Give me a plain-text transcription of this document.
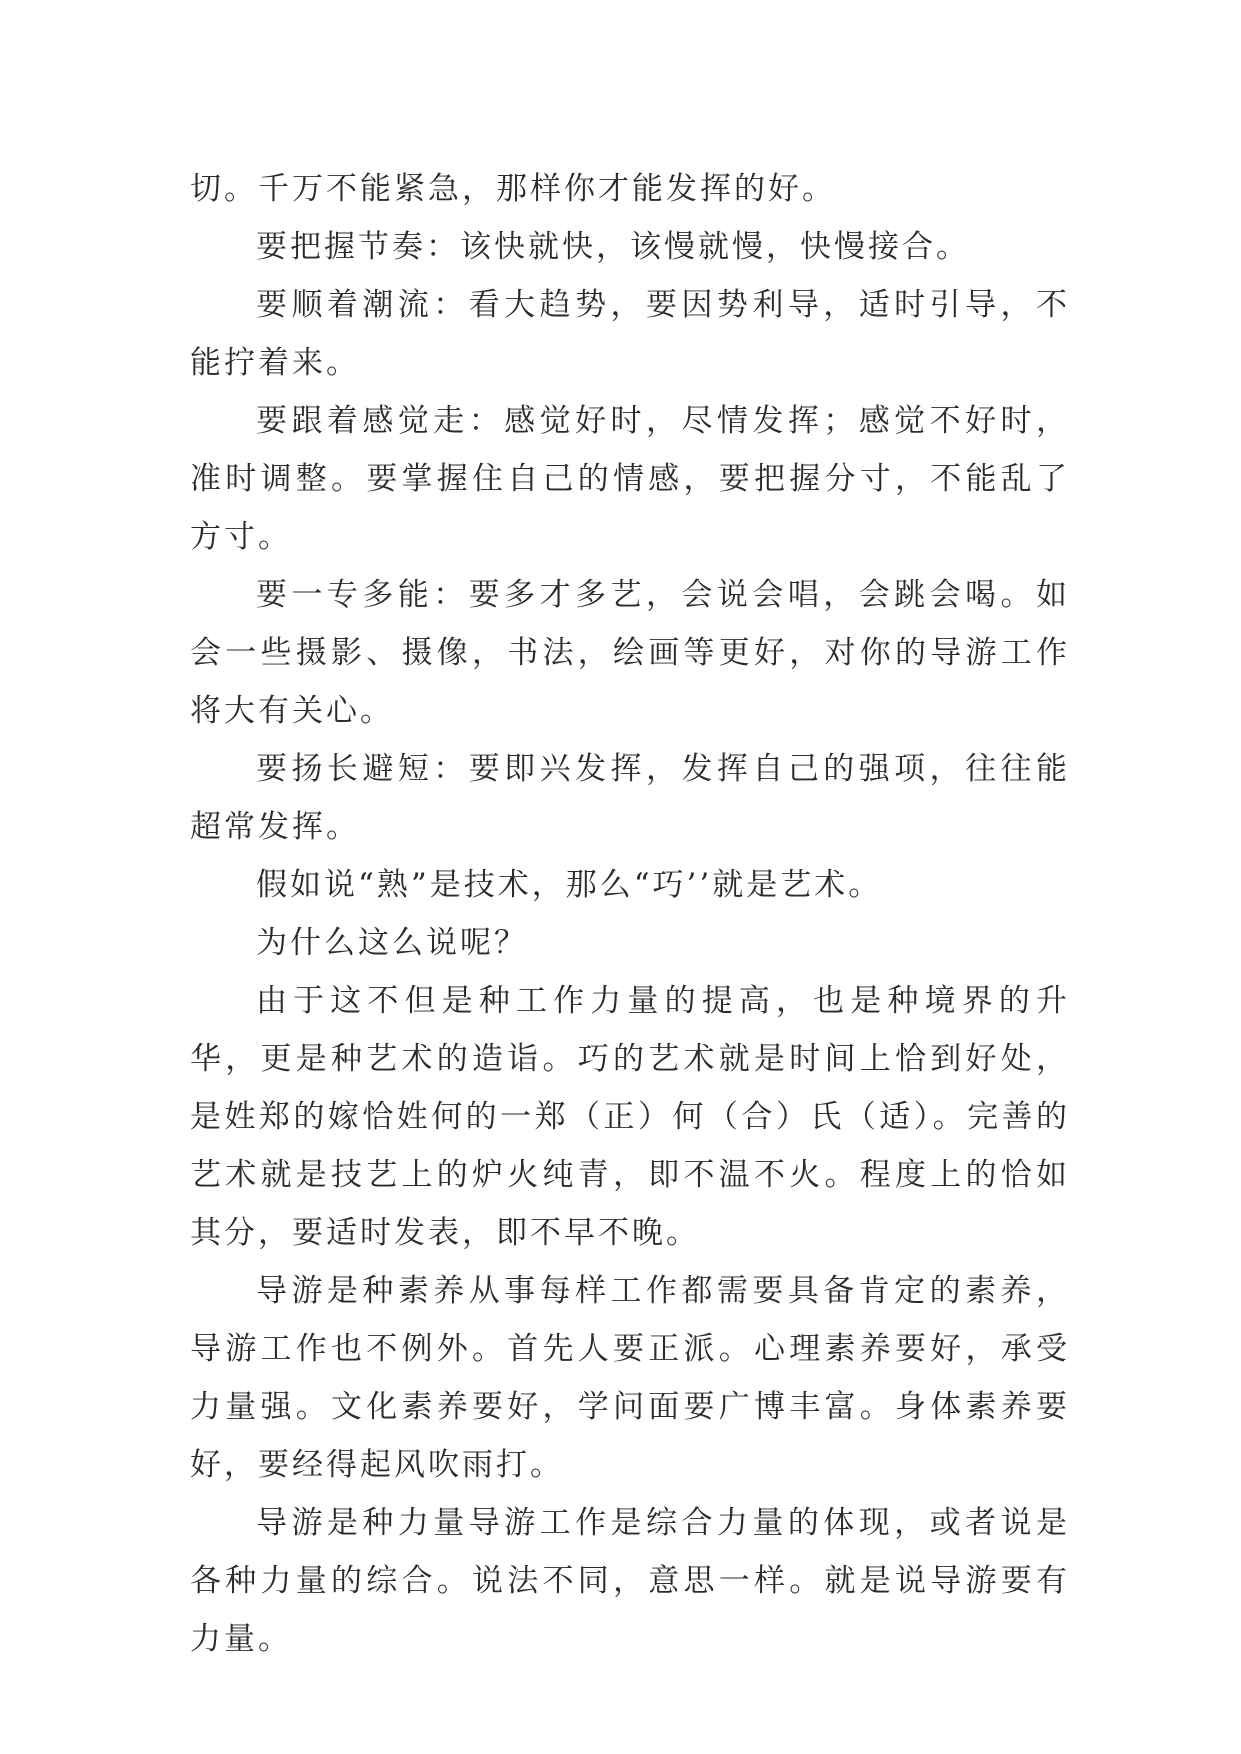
切。千万不能紧急，那样你才能发挥的好。

要把握节奏：该快就快，该慢就慢，快慢接合。

要顺着潮流：看大趋势，要因势利导，适时引导，不能拧着来。

要跟着感觉走：感觉好时，尽情发挥；感觉不好时，准时调整。要掌握住自己的情感，要把握分寸，不能乱了方寸。

要一专多能：要多才多艺，会说会唱，会跳会喝。如会一些摄影、摄像，书法，绘画等更好，对你的导游工作将大有关心。

要扬长避短：要即兴发挥，发挥自己的强项，往往能超常发挥。

假如说“熟”是技术，那么“巧’’就是艺术。

为什么这么说呢？

由于这不但是种工作力量的提高，也是种境界的升华，更是种艺术的造诣。巧的艺术就是时间上恰到好处，是姓郑的嫁恰姓何的一郑（正）何（合）氏（适）。完善的艺术就是技艺上的炉火纯青，即不温不火。程度上的恰如其分，要适时发表，即不早不晚。

导游是种素养从事每样工作都需要具备肯定的素养，导游工作也不例外。首先人要正派。心理素养要好，承受力量强。文化素养要好，学问面要广博丰富。身体素养要好，要经得起风吹雨打。

导游是种力量导游工作是综合力量的体现，或者说是各种力量的综合。说法不同，意思一样。就是说导游要有力量。
